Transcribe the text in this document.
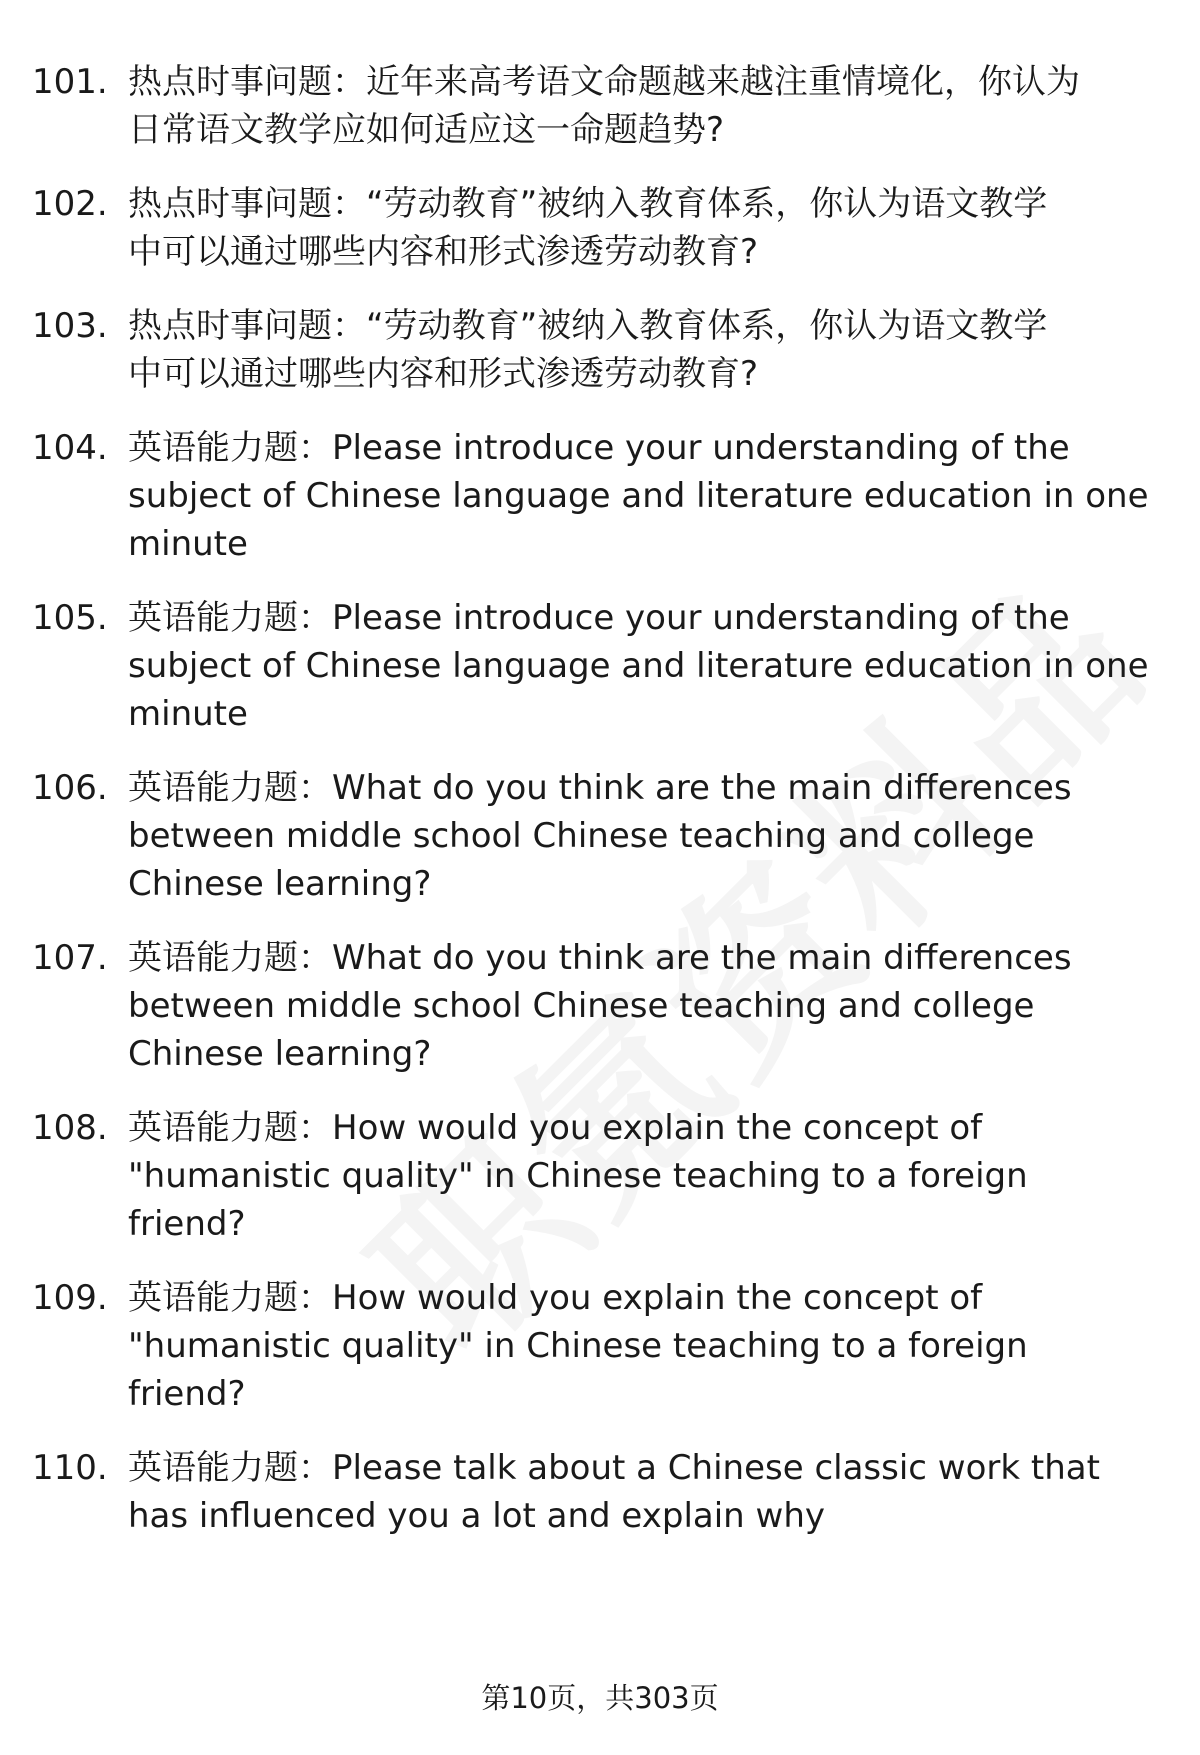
101. 热点时事问题：近年来高考语文命题越来越注重情境化，你认为
日常语文教学应如何适应这一命题趋势?
102. 热点时事问题：“劳动教育”被纳入教育体系，你认为语文教学
中可以通过哪些内容和形式渗透劳动教育?
103. 热点时事问题：“劳动教育”被纳入教育体系，你认为语文教学
中可以通过哪些内容和形式渗透劳动教育?
104. 英语能力题：Please introduce your understanding of the
subject of Chinese language and literature education in one
minute
105. 英语能力题：Please introduce your understanding of the
subject of Chinese language and literature education in one
minute
106. 英语能力题：What do you think are the main differences
between middle school Chinese teaching and college
Chinese learning?
107. 英语能力题：What do you think are the main differences
between middle school Chinese teaching and college
Chinese learning?
108. 英语能力题：How would you explain the concept of
"humanistic quality" in Chinese teaching to a foreign
friend?
109. 英语能力题：How would you explain the concept of
"humanistic quality" in Chinese teaching to a foreign
friend?
110. 英语能力题：Please talk about a Chinese classic work that
has influenced you a lot and explain why
第10页，共303页
